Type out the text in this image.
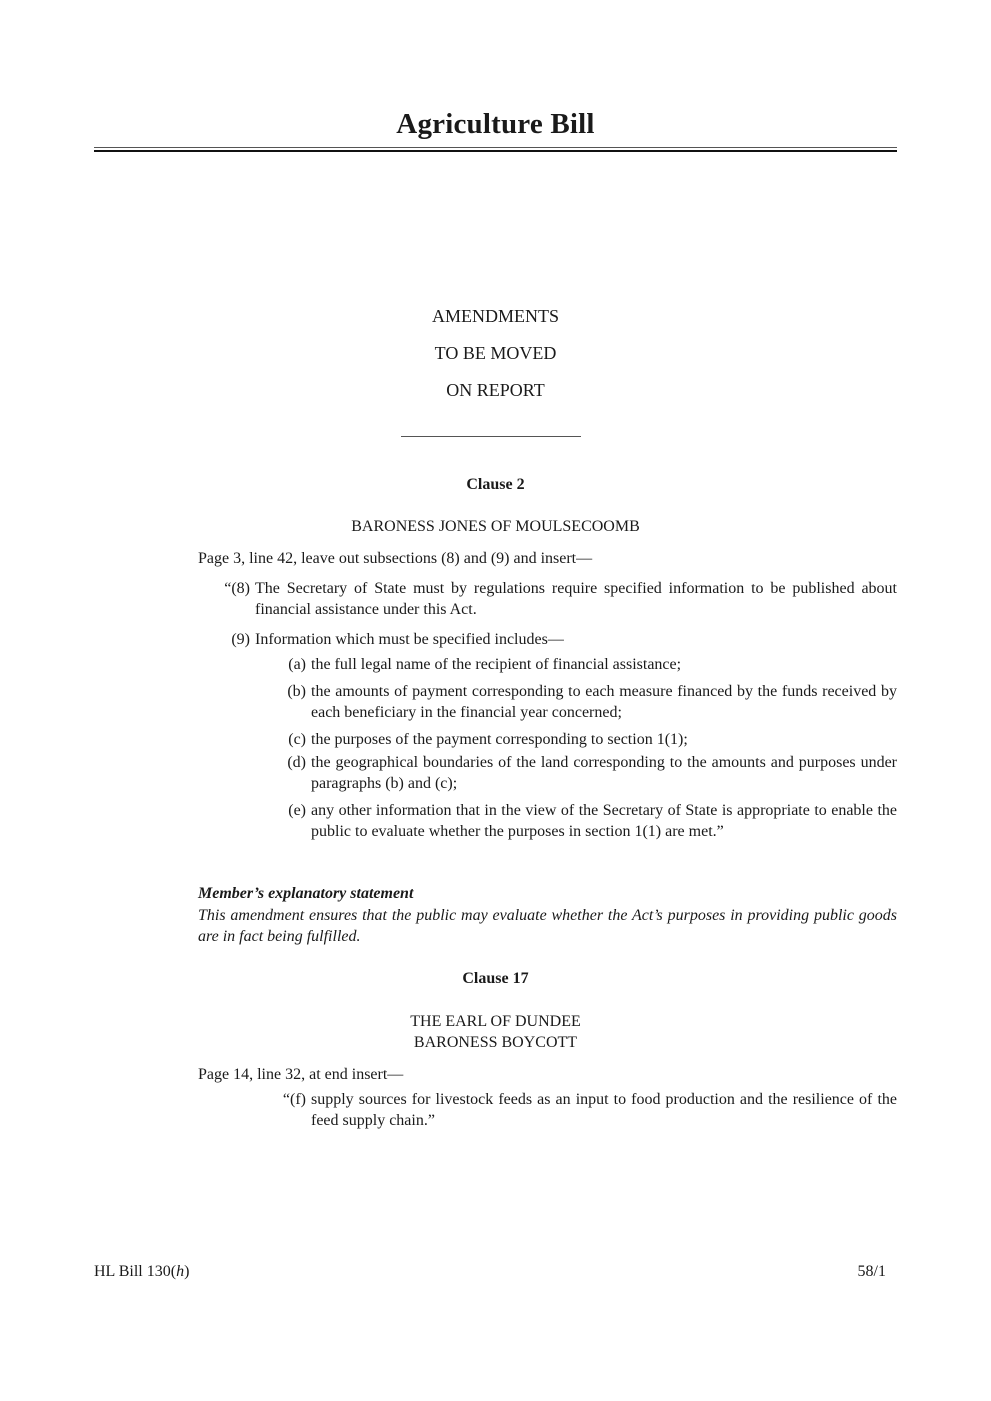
Agriculture Bill
AMENDMENTS
TO BE MOVED
ON REPORT
Clause 2
BARONESS JONES OF MOULSECOOMB
Page 3, line 42, leave out subsections (8) and (9) and insert—
“(8) The Secretary of State must by regulations require specified information to be published about financial assistance under this Act.
(9) Information which must be specified includes—
(a) the full legal name of the recipient of financial assistance;
(b) the amounts of payment corresponding to each measure financed by the funds received by each beneficiary in the financial year concerned;
(c) the purposes of the payment corresponding to section 1(1);
(d) the geographical boundaries of the land corresponding to the amounts and purposes under paragraphs (b) and (c);
(e) any other information that in the view of the Secretary of State is appropriate to enable the public to evaluate whether the purposes in section 1(1) are met.”
Member’s explanatory statement
This amendment ensures that the public may evaluate whether the Act’s purposes in providing public goods are in fact being fulfilled.
Clause 17
THE EARL OF DUNDEE
BARONESS BOYCOTT
Page 14, line 32, at end insert—
“(f) supply sources for livestock feeds as an input to food production and the resilience of the feed supply chain.”
HL Bill 130(h)	58/1
